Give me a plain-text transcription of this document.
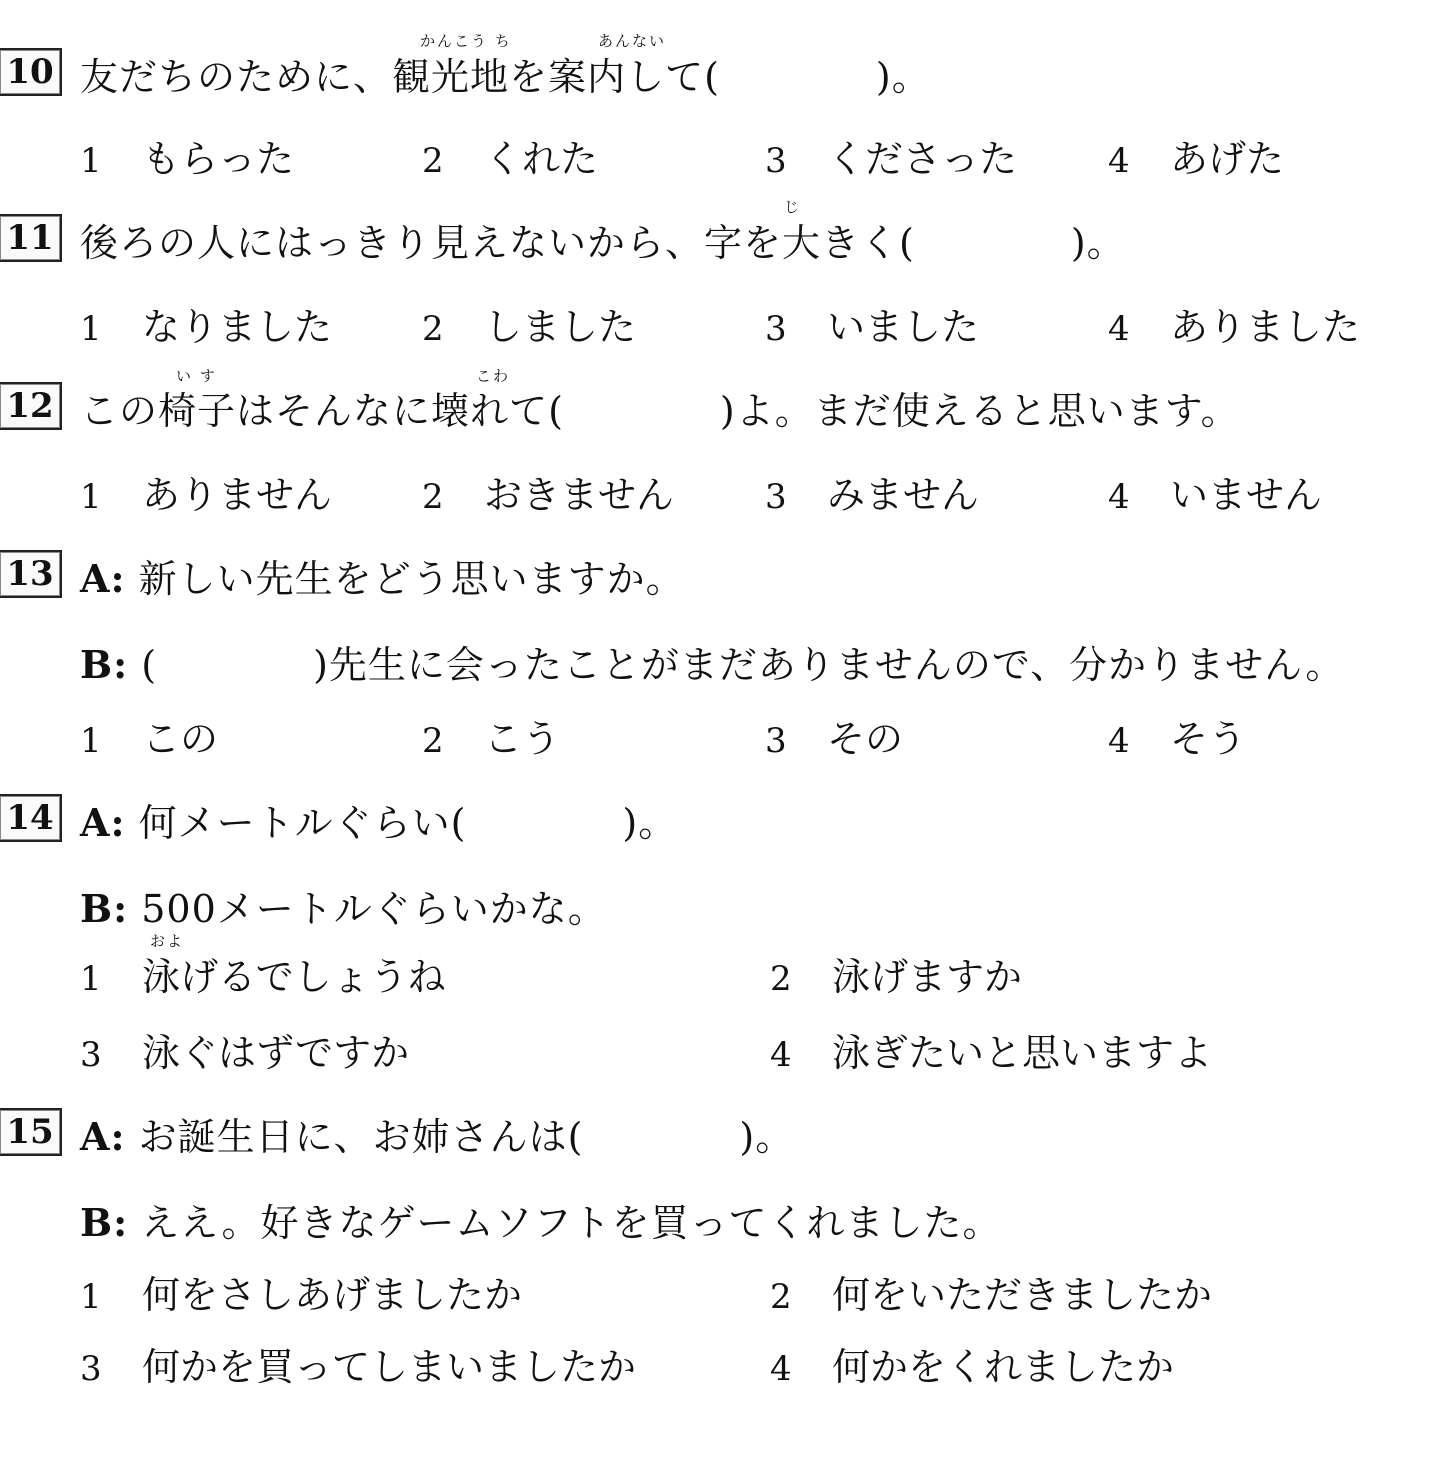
10
かんこう ち	あんない
友だちのために、観光地を案内して(　　　　)。
1 もらった	2 くれた	3 くださった	4 あげた
11
じ
後ろの人にはっきり見えないから、字を大きく(　　　　)。
1 なりました	2 しました	3 いました	4 ありました
12
い す	こわ
この椅子はそんなに壊れて(　　　　)よ。まだ使えると思います。
1 ありません	2 おきません	3 みません	4 いません
13 A: 新しい先生をどう思いますか。
B: (　　　　)先生に会ったことがまだありませんので、分かりません。
1 この	2 こう	3 その	4 そう
14 A: 何メートルぐらい(　　　　)。
B: 500メートルぐらいかな。
およ
1 泳げるでしょうね	2 泳げますか
3 泳ぐはずですか	4 泳ぎたいと思いますよ
15 A: お誕生日に、お姉さんは(　　　　)。
B: ええ。好きなゲームソフトを買ってくれました。
1 何をさしあげましたか	2 何をいただきましたか
3 何かを買ってしまいましたか	4 何かをくれましたか
